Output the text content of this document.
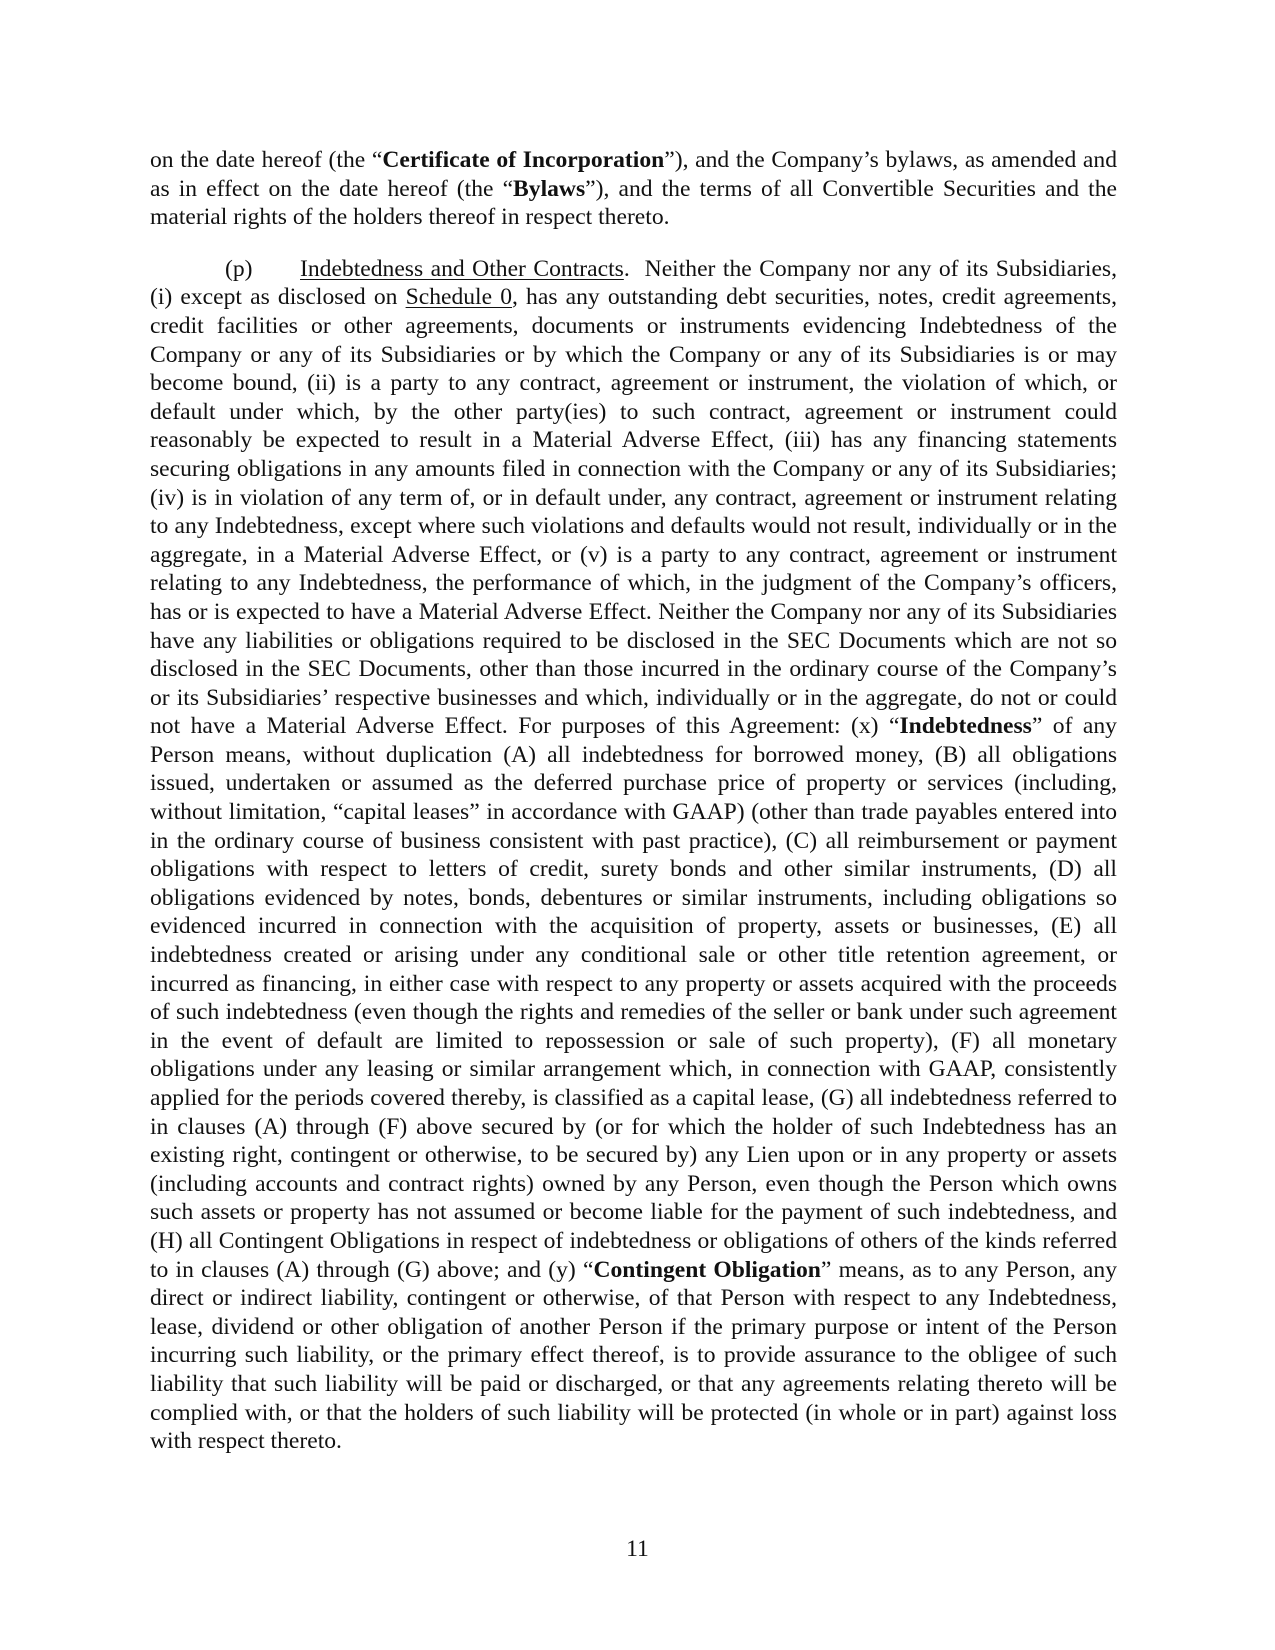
on the date hereof (the “Certificate of Incorporation”), and the Company’s bylaws, as amended and as in effect on the date hereof (the “Bylaws”), and the terms of all Convertible Securities and the material rights of the holders thereof in respect thereto.

(p) Indebtedness and Other Contracts. Neither the Company nor any of its Subsidiaries, (i) except as disclosed on Schedule 0, has any outstanding debt securities, notes, credit agreements, credit facilities or other agreements, documents or instruments evidencing Indebtedness of the Company or any of its Subsidiaries or by which the Company or any of its Subsidiaries is or may become bound, (ii) is a party to any contract, agreement or instrument, the violation of which, or default under which, by the other party(ies) to such contract, agreement or instrument could reasonably be expected to result in a Material Adverse Effect, (iii) has any financing statements securing obligations in any amounts filed in connection with the Company or any of its Subsidiaries; (iv) is in violation of any term of, or in default under, any contract, agreement or instrument relating to any Indebtedness, except where such violations and defaults would not result, individually or in the aggregate, in a Material Adverse Effect, or (v) is a party to any contract, agreement or instrument relating to any Indebtedness, the performance of which, in the judgment of the Company’s officers, has or is expected to have a Material Adverse Effect. Neither the Company nor any of its Subsidiaries have any liabilities or obligations required to be disclosed in the SEC Documents which are not so disclosed in the SEC Documents, other than those incurred in the ordinary course of the Company’s or its Subsidiaries’ respective businesses and which, individually or in the aggregate, do not or could not have a Material Adverse Effect. For purposes of this Agreement: (x) “Indebtedness” of any Person means, without duplication (A) all indebtedness for borrowed money, (B) all obligations issued, undertaken or assumed as the deferred purchase price of property or services (including, without limitation, “capital leases” in accordance with GAAP) (other than trade payables entered into in the ordinary course of business consistent with past practice), (C) all reimbursement or payment obligations with respect to letters of credit, surety bonds and other similar instruments, (D) all obligations evidenced by notes, bonds, debentures or similar instruments, including obligations so evidenced incurred in connection with the acquisition of property, assets or businesses, (E) all indebtedness created or arising under any conditional sale or other title retention agreement, or incurred as financing, in either case with respect to any property or assets acquired with the proceeds of such indebtedness (even though the rights and remedies of the seller or bank under such agreement in the event of default are limited to repossession or sale of such property), (F) all monetary obligations under any leasing or similar arrangement which, in connection with GAAP, consistently applied for the periods covered thereby, is classified as a capital lease, (G) all indebtedness referred to in clauses (A) through (F) above secured by (or for which the holder of such Indebtedness has an existing right, contingent or otherwise, to be secured by) any Lien upon or in any property or assets (including accounts and contract rights) owned by any Person, even though the Person which owns such assets or property has not assumed or become liable for the payment of such indebtedness, and (H) all Contingent Obligations in respect of indebtedness or obligations of others of the kinds referred to in clauses (A) through (G) above; and (y) “Contingent Obligation” means, as to any Person, any direct or indirect liability, contingent or otherwise, of that Person with respect to any Indebtedness, lease, dividend or other obligation of another Person if the primary purpose or intent of the Person incurring such liability, or the primary effect thereof, is to provide assurance to the obligee of such liability that such liability will be paid or discharged, or that any agreements relating thereto will be complied with, or that the holders of such liability will be protected (in whole or in part) against loss with respect thereto.

11
